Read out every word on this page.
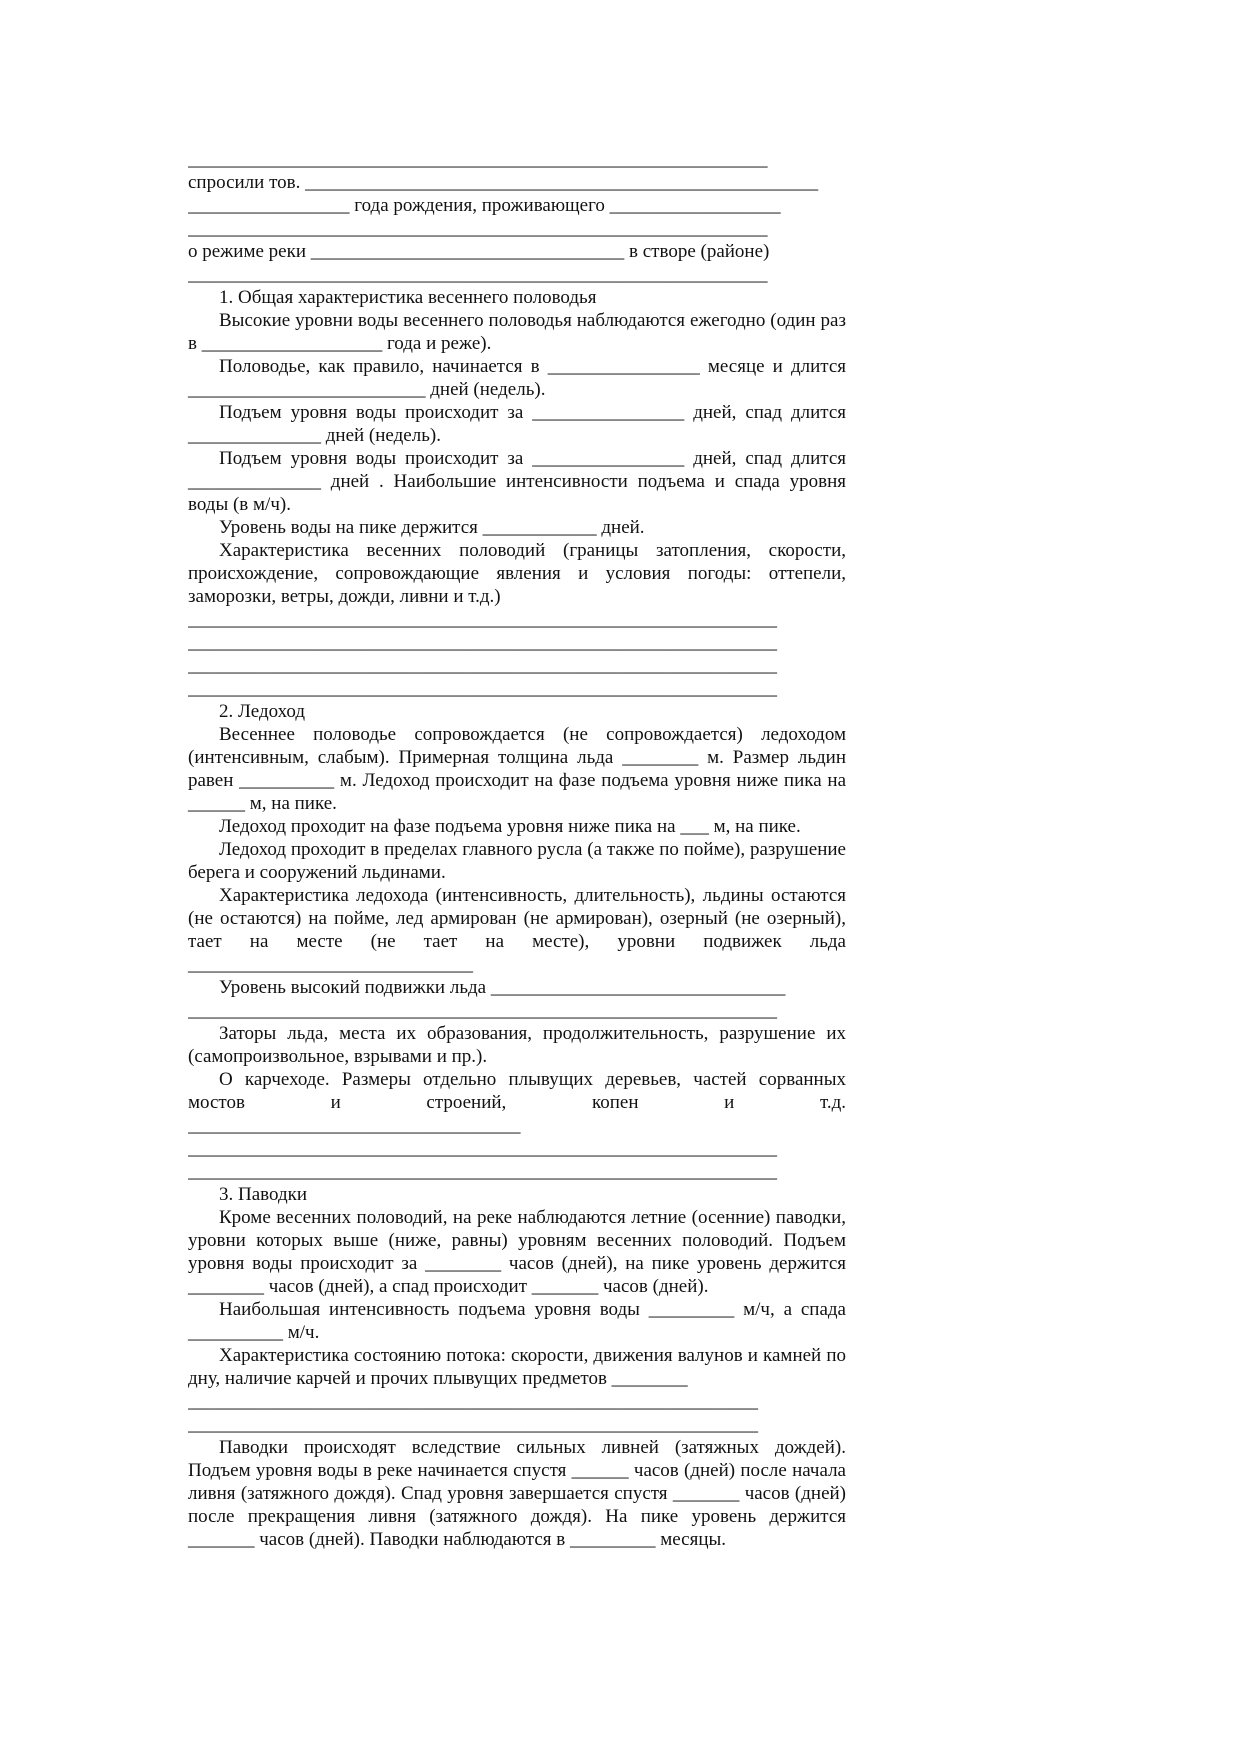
_____________________________________________________________

спросили тов. ______________________________________________________

_________________ года рождения, проживающего __________________

_____________________________________________________________

о режиме реки _________________________________ в створе (районе)

_____________________________________________________________

1. Общая характеристика весеннего половодья

Высокие уровни воды весеннего половодья наблюдаются ежегодно (один раз в ___________________ года и реже).

Половодье, как правило, начинается в ________________ месяце и длится _________________________ дней (недель).

Подъем уровня воды происходит за ________________ дней, спад длится ______________ дней (недель).

Подъем уровня воды происходит за ________________ дней, спад длится ______________ дней . Наибольшие интенсивности подъема и спада уровня воды (в м/ч).

Уровень воды на пике держится ____________ дней.

Характеристика весенних половодий (границы затопления, скорости, происхождение, сопровождающие явления и условия погоды: оттепели, заморозки, ветры, дожди, ливни и т.д.)

______________________________________________________________

______________________________________________________________

______________________________________________________________

______________________________________________________________

2. Ледоход

Весеннее половодье сопровождается (не сопровождается) ледоходом (интенсивным, слабым). Примерная толщина льда ________ м. Размер льдин равен __________ м. Ледоход происходит на фазе подъема уровня ниже пика на ______ м, на пике.

Ледоход проходит на фазе подъема уровня ниже пика на ___ м, на пике.

Ледоход проходит в пределах главного русла (а также по пойме), разрушение берега и сооружений льдинами.

Характеристика ледохода (интенсивность, длительность), льдины остаются (не остаются) на пойме, лед армирован (не армирован), озерный (не озерный), тает на месте (не тает на месте), уровни подвижек льда ______________________________

Уровень высокий подвижки льда _______________________________

______________________________________________________________

Заторы льда, места их образования, продолжительность, разрушение их (самопроизвольное, взрывами и пр.).

О карчеходе. Размеры отдельно плывущих деревьев, частей сорванных мостов и строений, копен и т.д.

___________________________________

______________________________________________________________

______________________________________________________________

3. Паводки

Кроме весенних половодий, на реке наблюдаются летние (осенние) паводки, уровни которых выше (ниже, равны) уровням весенних половодий. Подъем уровня воды происходит за ________ часов (дней), на пике уровень держится ________ часов (дней), а спад происходит _______ часов (дней).

Наибольшая интенсивность подъема уровня воды _________ м/ч, а спада __________ м/ч.

Характеристика состоянию потока: скорости, движения валунов и камней по дну, наличие карчей и прочих плывущих предметов ________

____________________________________________________________

____________________________________________________________

Паводки происходят вследствие сильных ливней (затяжных дождей). Подъем уровня воды в реке начинается спустя ______ часов (дней) после начала ливня (затяжного дождя). Спад уровня завершается спустя _______ часов (дней) после прекращения ливня (затяжного дождя). На пике уровень держится _______ часов (дней). Паводки наблюдаются в _________ месяцы.
